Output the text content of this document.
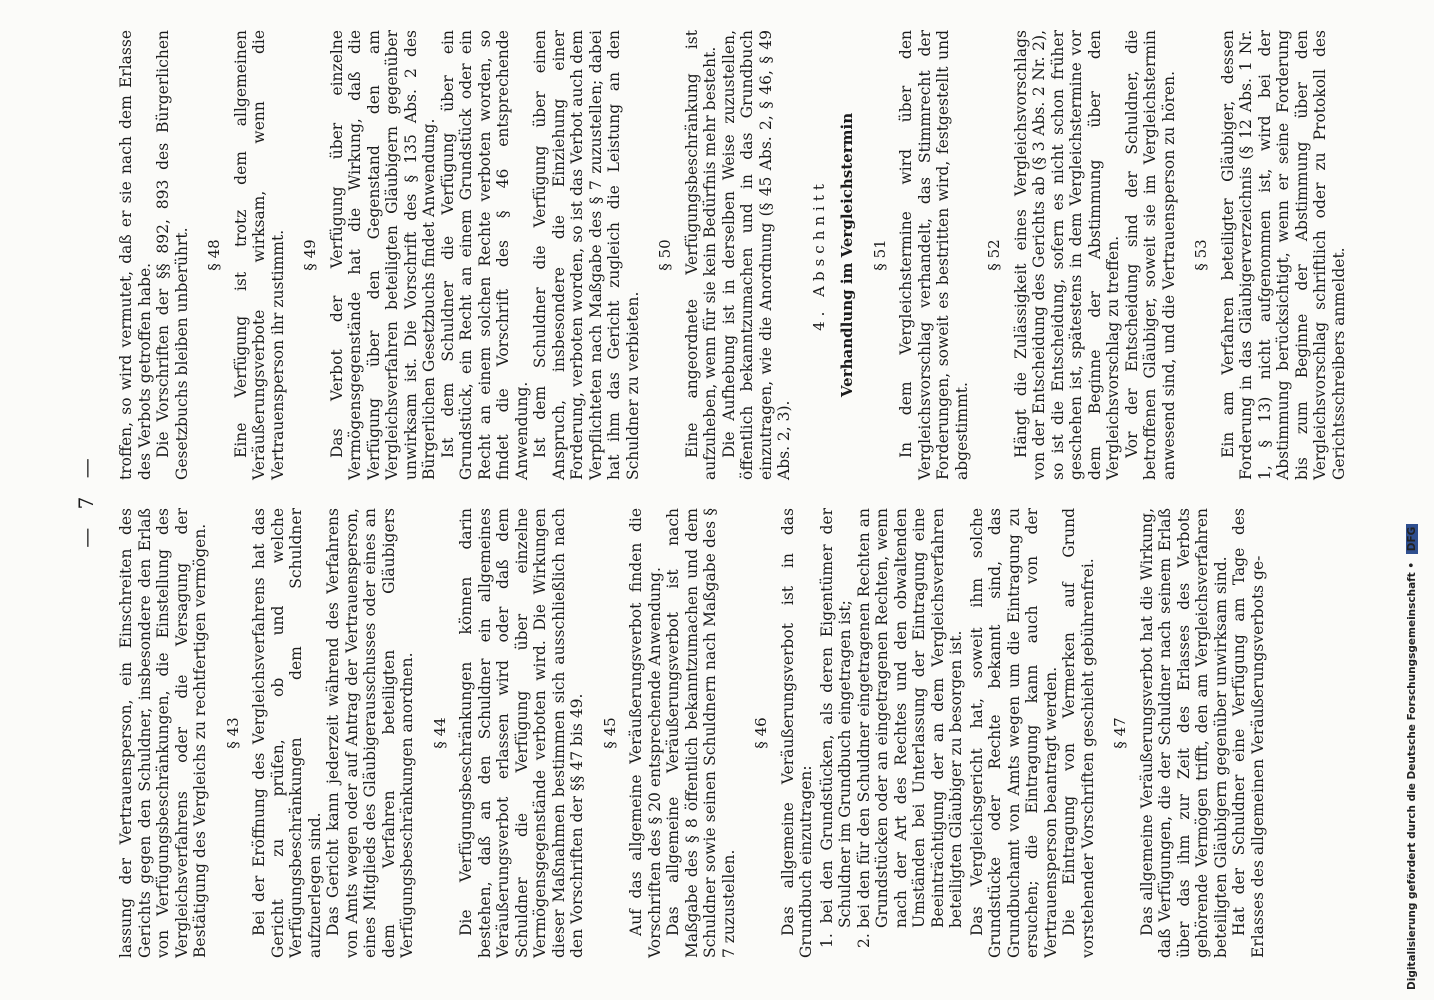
— 7 —

lassung der Vertrauensperson, ein Einschreiten des Gerichts gegen den Schuldner, insbesondere den Erlaß von Verfügungsbeschränkungen, die Einstellung des Vergleichsverfahrens oder die Versagung der Bestätigung des Vergleichs zu rechtfertigen vermögen. § 43 Bei der Eröffnung des Vergleichsverfahrens hat das Gericht zu prüfen, ob und welche Verfügungsbeschränkungen dem Schuldner aufzuerlegen sind. Das Gericht kann jederzeit während des Verfahrens von Amts wegen oder auf Antrag der Vertrauensperson, eines Mitglieds des Gläubigerausschusses oder eines an dem Verfahren beteiligten Gläubigers Verfügungsbeschränkungen anordnen. § 44 Die Verfügungsbeschränkungen können darin bestehen, daß an den Schuldner ein allgemeines Veräußerungsverbot erlassen wird oder daß dem Schuldner die Verfügung über einzelne Vermögensgegenstände verboten wird. Die Wirkungen dieser Maßnahmen bestimmen sich ausschließlich nach den Vorschriften der §§ 47 bis 49. § 45 Auf das allgemeine Veräußerungsverbot finden die Vorschriften des § 20 entsprechende Anwendung. Das allgemeine Veräußerungsverbot ist nach Maßgabe des § 8 öffentlich bekanntzumachen und dem Schuldner sowie seinen Schuldnern nach Maßgabe des § 7 zuzustellen.

§ 46 Das allgemeine Veräußerungsverbot ist in das Grundbuch einzutragen: 1. bei den Grundstücken, als deren Eigentümer der Schuldner im Grundbuch eingetragen ist; 2. bei den für den Schuldner eingetragenen Rechten an Grundstücken oder an eingetragenen Rechten, wenn nach der Art des Rechtes und den obwaltenden Umständen bei Unterlassung der Eintragung eine Beeinträchtigung der an dem Vergleichsverfahren beteiligten Gläubiger zu besorgen ist. Das Vergleichsgericht hat, soweit ihm solche Grundstücke oder Rechte bekannt sind, das Grundbuchamt von Amts wegen um die Eintragung zu ersuchen; die Eintragung kann auch von der Vertrauensperson beantragt werden. Die Eintragung von Vermerken auf Grund vorstehender Vorschriften geschieht gebührenfrei. § 47 Das allgemeine Veräußerungsverbot hat die Wirkung, daß Verfügungen, die der Schuldner nach seinem Erlaß über das ihm zur Zeit des Erlasses des Verbots gehörende Vermögen trifft, den am Vergleichsverfahren beteiligten Gläubigern gegenüber unwirksam sind. Hat der Schuldner eine Verfügung am Tage des Erlasses des allgemeinen Veräußerungsverbots ge-

troffen, so wird vermutet, daß er sie nach dem Erlasse des Verbots getroffen habe. Die Vorschriften der §§ 892, 893 des Bürgerlichen Gesetzbuchs bleiben unberührt. § 48 Eine Verfügung ist trotz dem allgemeinen Veräußerungsverbote wirksam, wenn die Vertrauensperson ihr zustimmt. § 49 Das Verbot der Verfügung über einzelne Vermögensgegenstände hat die Wirkung, daß die Verfügung über den Gegenstand den am Vergleichsverfahren beteiligten Gläubigern gegenüber unwirksam ist. Die Vorschrift des § 135 Abs. 2 des Bürgerlichen Gesetzbuchs findet Anwendung. Ist dem Schuldner die Verfügung über ein Grundstück, ein Recht an einem Grundstück oder ein Recht an einem solchen Rechte verboten worden, so findet die Vorschrift des § 46 entsprechende Anwendung. Ist dem Schuldner die Verfügung über einen Anspruch, insbesondere die Einziehung einer Forderung, verboten worden, so ist das Verbot auch dem Verpflichteten nach Maßgabe des § 7 zuzustellen; dabei hat ihm das Gericht zugleich die Leistung an den Schuldner zu verbieten.

§ 50 Eine angeordnete Verfügungsbeschränkung ist aufzuheben, wenn für sie kein Bedürfnis mehr besteht. Die Aufhebung ist in derselben Weise zuzustellen, öffentlich bekanntzumachen und in das Grundbuch einzutragen, wie die Anordnung (§ 45 Abs. 2, § 46, § 49 Abs. 2, 3).

4. Abschnitt Verhandlung im Vergleichstermin § 51 In dem Vergleichstermine wird über den Vergleichsvorschlag verhandelt, das Stimmrecht der Forderungen, soweit es bestritten wird, festgestellt und abgestimmt.

§ 52 Hängt die Zulässigkeit eines Vergleichsvorschlags von der Entscheidung des Gerichts ab (§ 3 Abs. 2 Nr. 2), so ist die Entscheidung, sofern es nicht schon früher geschehen ist, spätestens in dem Vergleichstermine vor dem Beginne der Abstimmung über den Vergleichsvorschlag zu treffen. Vor der Entscheidung sind der Schuldner, die betroffenen Gläubiger, soweit sie im Vergleichstermin anwesend sind, und die Vertrauensperson zu hören. § 53 Ein am Verfahren beteiligter Gläubiger, dessen Forderung in das Gläubigerverzeichnis (§ 12 Abs. 1 Nr. 1, § 13) nicht aufgenommen ist, wird bei der Abstimmung berücksichtigt, wenn er seine Forderung bis zum Beginne der Abstimmung über den Vergleichsvorschlag schriftlich oder zu Protokoll des Gerichtsschreibers anmeldet.

Digitalisierung gefördert durch die Deutsche Forschungsgemeinschaft • DFG
